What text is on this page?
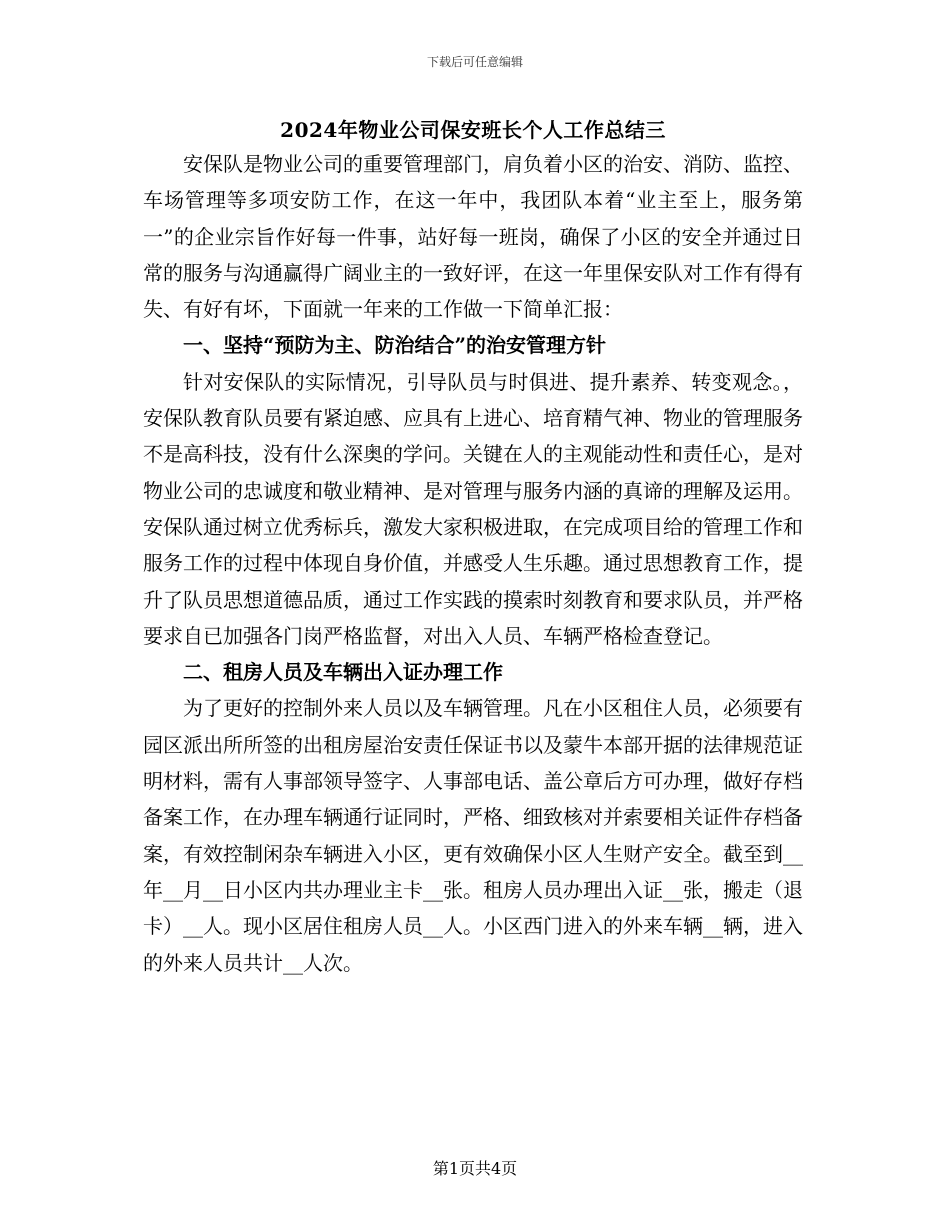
下载后可任意编辑
2024年物业公司保安班长个人工作总结三

安保队是物业公司的重要管理部门，肩负着小区的治安、消防、监控、车场管理等多项安防工作，在这一年中，我团队本着“业主至上，服务第一”的企业宗旨作好每一件事，站好每一班岗，确保了小区的安全并通过日常的服务与沟通赢得广阔业主的一致好评，在这一年里保安队对工作有得有失、有好有坏，下面就一年来的工作做一下简单汇报：

一、坚持“预防为主、防治结合”的治安管理方针

针对安保队的实际情况，引导队员与时俱进、提升素养、转变观念。，安保队教育队员要有紧迫感、应具有上进心、培育精气神、物业的管理服务不是高科技，没有什么深奥的学问。关键在人的主观能动性和责任心，是对物业公司的忠诚度和敬业精神、是对管理与服务内涵的真谛的理解及运用。安保队通过树立优秀标兵，激发大家积极进取，在完成项目给的管理工作和服务工作的过程中体现自身价值，并感受人生乐趣。通过思想教育工作，提升了队员思想道德品质，通过工作实践的摸索时刻教育和要求队员，并严格要求自已加强各门岗严格监督，对出入人员、车辆严格检查登记。

二、租房人员及车辆出入证办理工作

为了更好的控制外来人员以及车辆管理。凡在小区租住人员，必须要有园区派出所所签的出租房屋治安责任保证书以及蒙牛本部开据的法律规范证明材料，需有人事部领导签字、人事部电话、盖公章后方可办理，做好存档备案工作，在办理车辆通行证同时，严格、细致核对并索要相关证件存档备案，有效控制闲杂车辆进入小区，更有效确保小区人生财产安全。截至到__年__月__日小区内共办理业主卡__张。租房人员办理出入证__张，搬走（退卡）__人。现小区居住租房人员__人。小区西门进入的外来车辆__辆，进入的外来人员共计__人次。

第1页共4页
